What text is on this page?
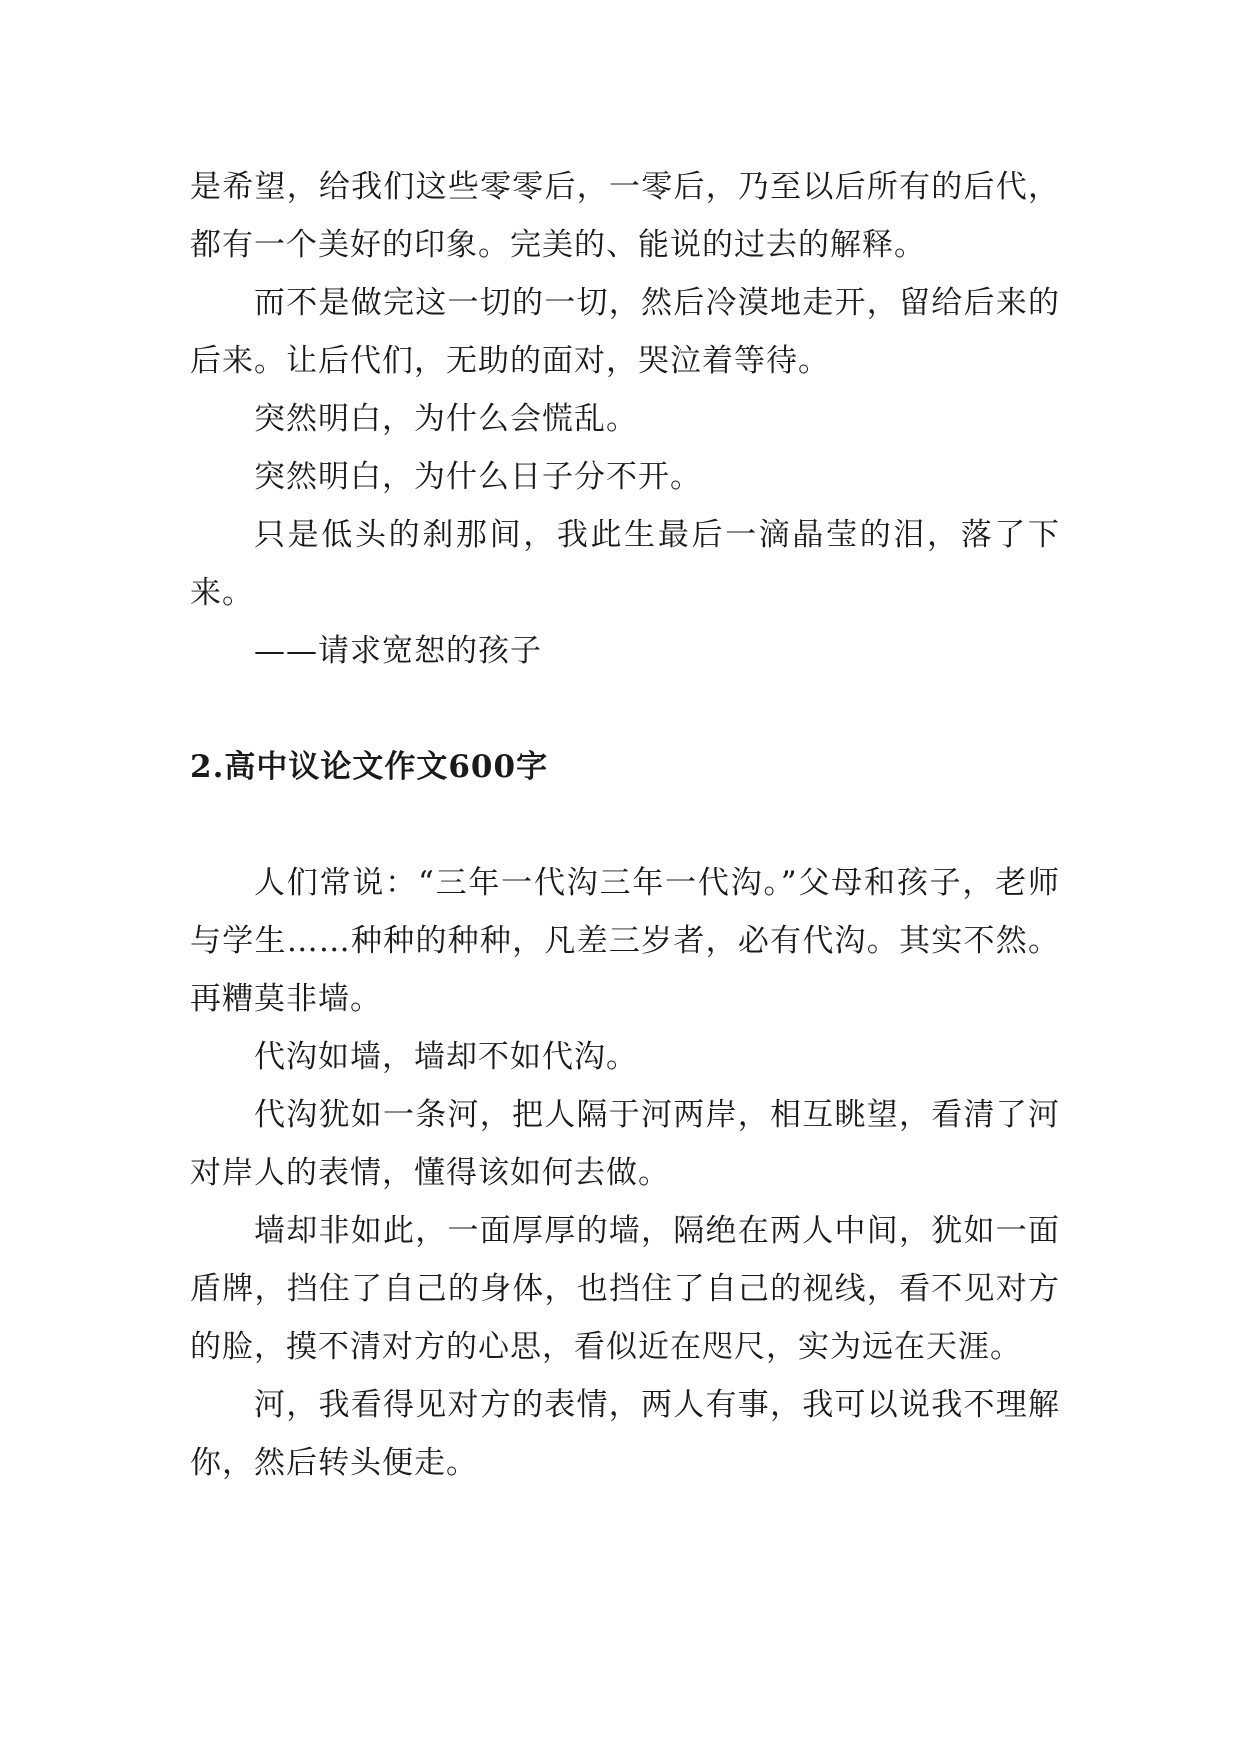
是希望，给我们这些零零后，一零后，乃至以后所有的后代，都有一个美好的印象。完美的、能说的过去的解释。

而不是做完这一切的一切，然后冷漠地走开，留给后来的后来。让后代们，无助的面对，哭泣着等待。

突然明白，为什么会慌乱。

突然明白，为什么日子分不开。

只是低头的刹那间，我此生最后一滴晶莹的泪，落了下来。

——请求宽恕的孩子

2.高中议论文作文600字

人们常说：“三年一代沟三年一代沟。”父母和孩子，老师与学生……种种的种种，凡差三岁者，必有代沟。其实不然。再糟莫非墙。

代沟如墙，墙却不如代沟。

代沟犹如一条河，把人隔于河两岸，相互眺望，看清了河对岸人的表情，懂得该如何去做。

墙却非如此，一面厚厚的墙，隔绝在两人中间，犹如一面盾牌，挡住了自己的身体，也挡住了自己的视线，看不见对方的脸，摸不清对方的心思，看似近在咫尺，实为远在天涯。

河，我看得见对方的表情，两人有事，我可以说我不理解你，然后转头便走。
